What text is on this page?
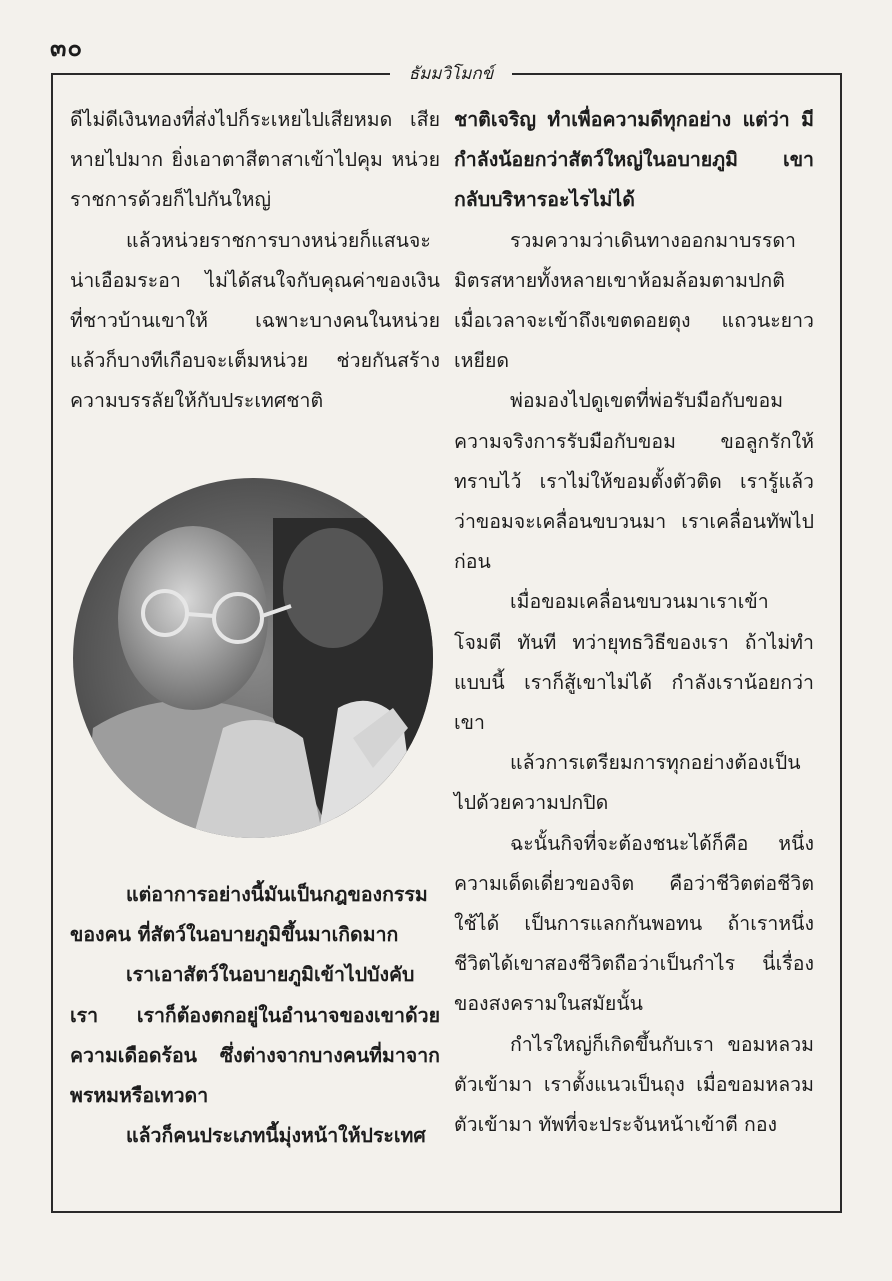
๓๐
ธัมมวิโมกข์

ดีไม่ดีเงินทองที่ส่งไปก็ระเหยไปเสียหมด เสียหายไปมาก ยิ่งเอาตาสีตาสาเข้าไปคุม หน่วยราชการด้วยก็ไปกันใหญ่

แล้วหน่วยราชการบางหน่วยก็แสนจะ น่าเอือมระอา ไม่ได้สนใจกับคุณค่าของเงิน ที่ชาวบ้านเขาให้ เฉพาะบางคนในหน่วย แล้วก็บางทีเกือบจะเต็มหน่วย ช่วยกันสร้าง ความบรรลัยให้กับประเทศชาติ

แต่อาการอย่างนี้มันเป็นกฎของกรรม ของคน ที่สัตว์ในอบายภูมิขึ้นมาเกิดมาก

เราเอาสัตว์ในอบายภูมิเข้าไปบังคับ เรา เราก็ต้องตกอยู่ในอำนาจของเขาด้วย ความเดือดร้อน ซึ่งต่างจากบางคนที่มาจาก พรหมหรือเทวดา

แล้วก็คนประเภทนี้มุ่งหน้าให้ประเทศ

ชาติเจริญ ทำเพื่อความดีทุกอย่าง แต่ว่า มีกำลังน้อยกว่าสัตว์ใหญ่ในอบายภูมิ เขา กลับบริหารอะไรไม่ได้

รวมความว่าเดินทางออกมาบรรดา มิตรสหายทั้งหลายเขาห้อมล้อมตามปกติ เมื่อเวลาจะเข้าถึงเขตดอยตุง แถวนะยาว เหยียด

พ่อมองไปดูเขตที่พ่อรับมือกับขอม ความจริงการรับมือกับขอม ขอลูกรักให้ ทราบไว้ เราไม่ให้ขอมตั้งตัวติด เรารู้แล้ว ว่าขอมจะเคลื่อนขบวนมา เราเคลื่อนทัพไป ก่อน

เมื่อขอมเคลื่อนขบวนมาเราเข้าโจมตี ทันที ทว่ายุทธวิธีของเรา ถ้าไม่ทำแบบนี้ เราก็สู้เขาไม่ได้ กำลังเราน้อยกว่าเขา

แล้วการเตรียมการทุกอย่างต้องเป็น ไปด้วยความปกปิด

ฉะนั้นกิจที่จะต้องชนะได้ก็คือ หนึ่ง ความเด็ดเดี่ยวของจิต คือว่าชีวิตต่อชีวิต ใช้ได้ เป็นการแลกกันพอทน ถ้าเราหนึ่ง ชีวิตได้เขาสองชีวิตถือว่าเป็นกำไร นี่เรื่อง ของสงครามในสมัยนั้น

กำไรใหญ่ก็เกิดขึ้นกับเรา ขอมหลวม ตัวเข้ามา เราตั้งแนวเป็นถุง เมื่อขอมหลวม ตัวเข้ามา ทัพที่จะประจันหน้าเข้าตี กอง
